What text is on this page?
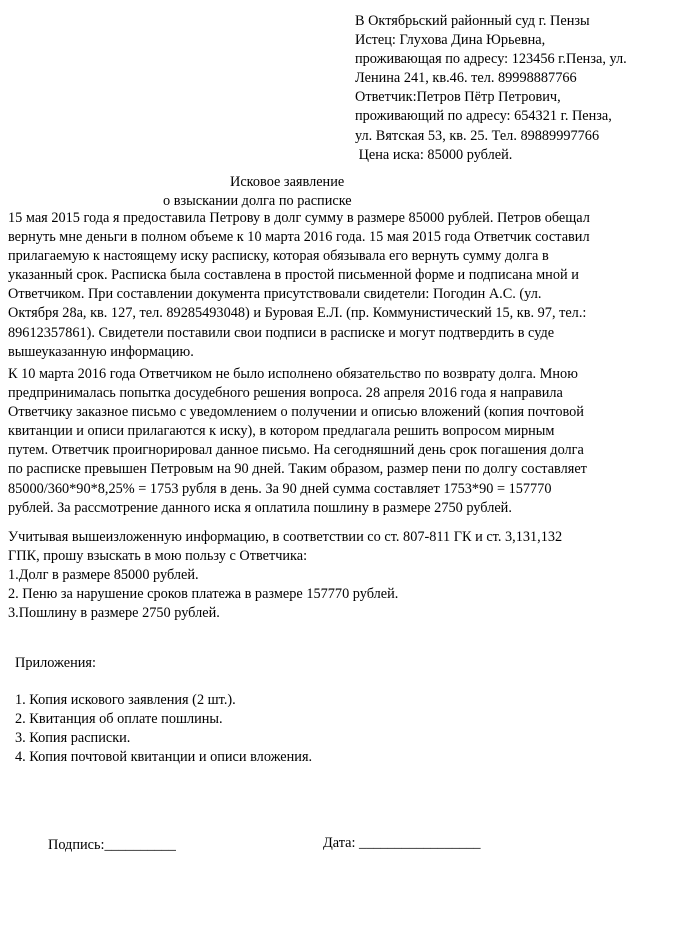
В Октябрьский районный суд г. Пензы
Истец: Глухова Дина Юрьевна,
проживающая по адресу: 123456 г.Пенза, ул.
Ленина 241, кв.46. тел. 89998887766
Ответчик:Петров Пётр Петрович,
проживающий по адресу: 654321 г. Пенза,
ул. Вятская 53, кв. 25. Тел. 89889997766
Цена иска: 85000 рублей.
Исковое заявление
о взыскании долга по расписке
15 мая 2015 года я предоставила Петрову в долг сумму в размере 85000 рублей. Петров обещал
вернуть мне деньги в полном объеме к 10 марта 2016 года. 15 мая 2015 года Ответчик составил
прилагаемую к настоящему иску расписку, которая обязывала его вернуть сумму долга в
указанный срок. Расписка была составлена в простой письменной форме и подписана мной и
Ответчиком. При составлении документа присутствовали свидетели: Погодин А.С. (ул.
Октября 28а, кв. 127, тел. 89285493048) и Буровая Е.Л. (пр. Коммунистический 15, кв. 97, тел.:
89612357861). Свидетели поставили свои подписи в расписке и могут подтвердить в суде
вышеуказанную информацию.
К 10 марта 2016 года Ответчиком не было исполнено обязательство по возврату долга. Мною
предпринималась попытка досудебного решения вопроса. 28 апреля 2016 года я направила
Ответчику заказное письмо с уведомлением о получении и описью вложений (копия почтовой
квитанции и описи прилагаются к иску), в котором предлагала решить вопросом мирным
путем. Ответчик проигнорировал данное письмо. На сегодняшний день срок погашения долга
по расписке превышен Петровым на 90 дней. Таким образом, размер пени по долгу составляет
85000/360*90*8,25% = 1753 рубля в день. За 90 дней сумма составляет 1753*90 = 157770
рублей. За рассмотрение данного иска я оплатила пошлину в размере 2750 рублей.
Учитывая вышеизложенную информацию, в соответствии со ст. 807-811 ГК и ст. 3,131,132
ГПК, прошу взыскать в мою пользу с Ответчика:
1.Долг в размере 85000 рублей.
2. Пеню за нарушение сроков платежа в размере 157770 рублей.
3.Пошлину в размере 2750 рублей.
Приложения:
1. Копия искового заявления (2 шт.).
2. Квитанция об оплате пошлины.
3. Копия расписки.
4. Копия почтовой квитанции и описи вложения.
Подпись:__________	Дата: _________________
